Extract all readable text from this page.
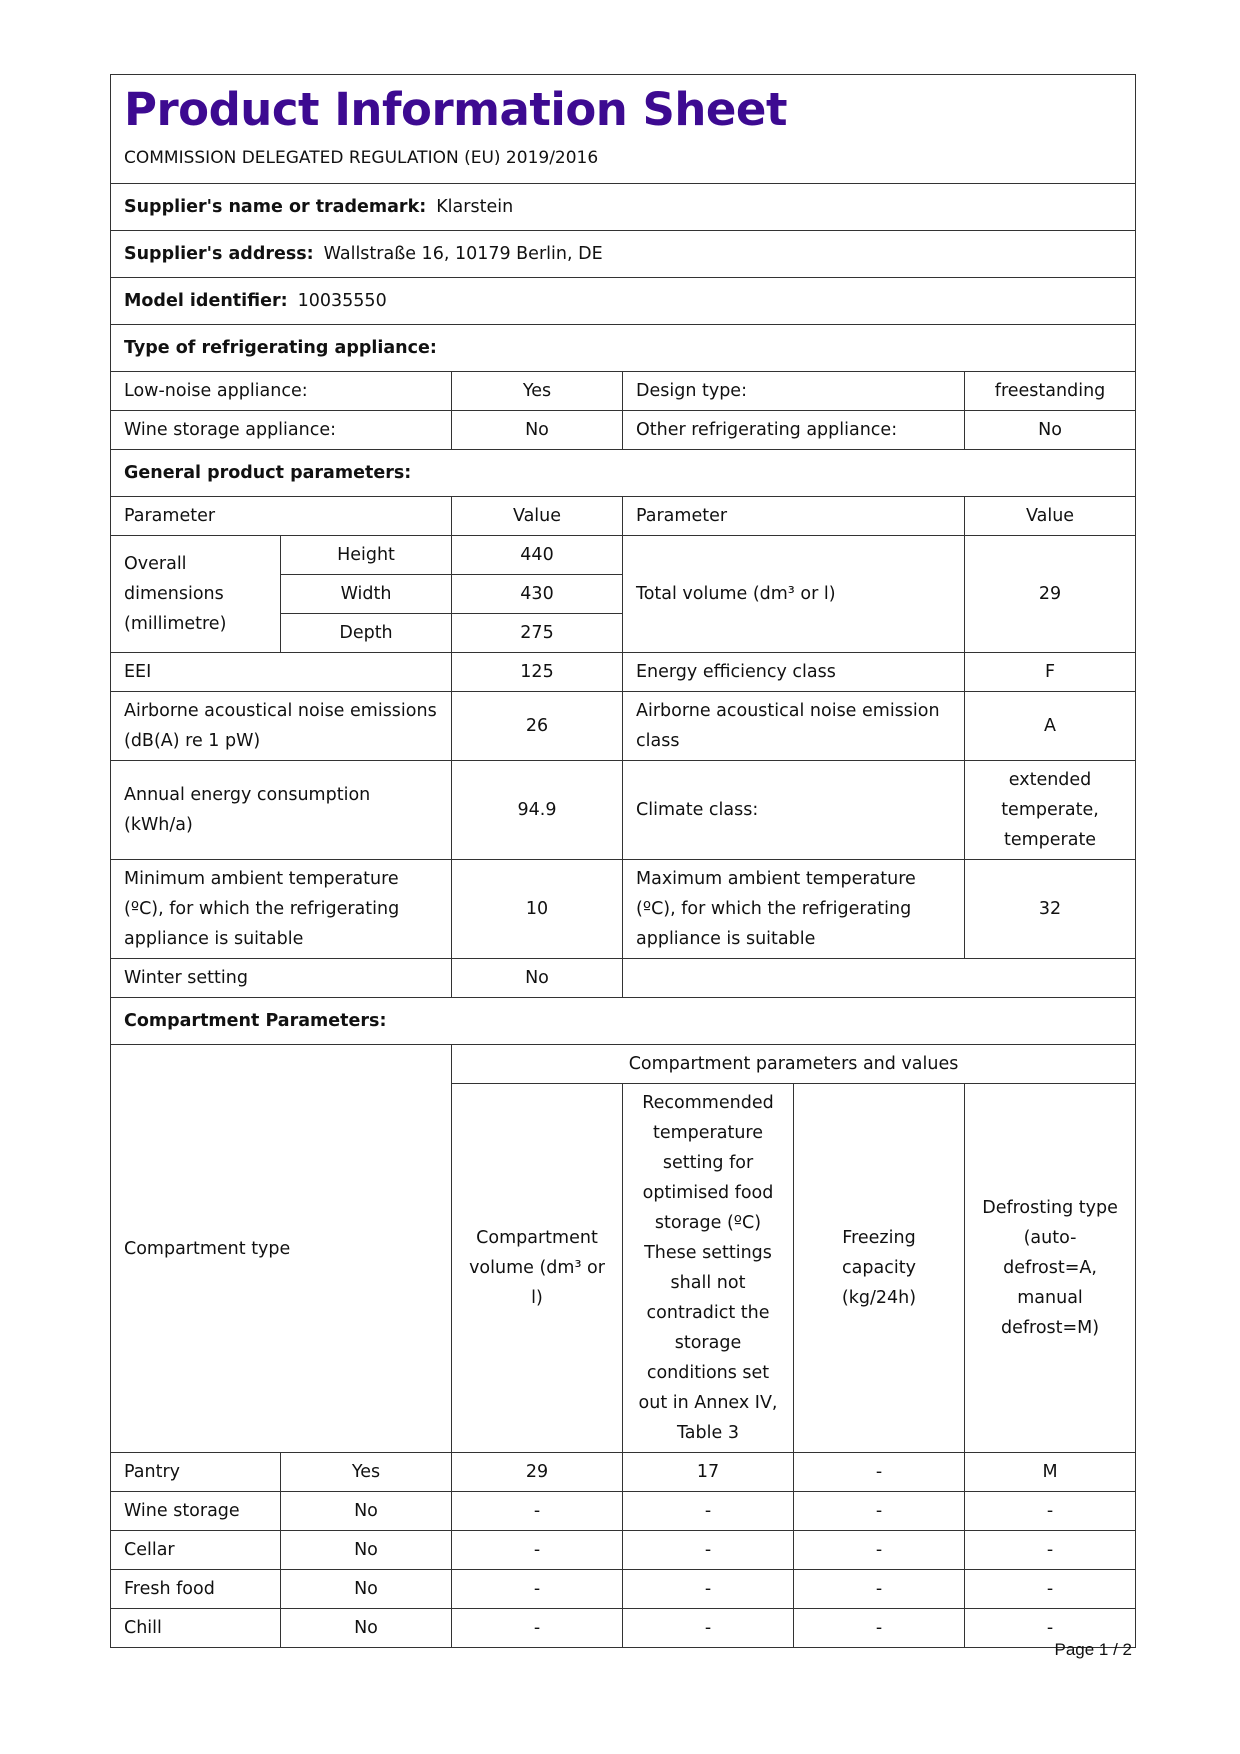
Product Information Sheet
COMMISSION DELEGATED REGULATION (EU) 2019/2016					

Supplier's name or trademark: Klarstein					
Supplier's address: Wallstraße 16, 10179 Berlin, DE					
Model identifier: 10035550					
Type of refrigerating appliance:					
Low-noise appliance:		Yes	Design type:		freestanding
Wine storage appliance:		No	Other refrigerating appliance:		No
General product parameters:					
Parameter		Value	Parameter		Value
Overall dimensions (millimetre)	Height	440	Total volume (dm³ or l)		29
	Width	430			
	Depth	275			
EEI		125	Energy efficiency class		F
Airborne acoustical noise emissions (dB(A) re 1 pW)		26	Airborne acoustical noise emission class		A
Annual energy consumption (kWh/a)		94.9	Climate class:		extended temperate, temperate
Minimum ambient temperature (ºC), for which the refrigerating appliance is suitable		10	Maximum ambient temperature (ºC), for which the refrigerating appliance is suitable		32
Winter setting		No			
Compartment Parameters:					
Compartment type		Compartment parameters and values			
		Compartment volume (dm³ or l)	Recommended temperature setting for optimised food storage (ºC) These settings shall not contradict the storage conditions set out in Annex IV, Table 3	Freezing capacity (kg/24h)	Defrosting type (auto-defrost=A, manual defrost=M)
Pantry	Yes	29	17	-	M
Wine storage	No	-	-	-	-
Cellar	No	-	-	-	-
Fresh food	No	-	-	-	-
Chill	No	-	-	-	-
Page 1 / 2
